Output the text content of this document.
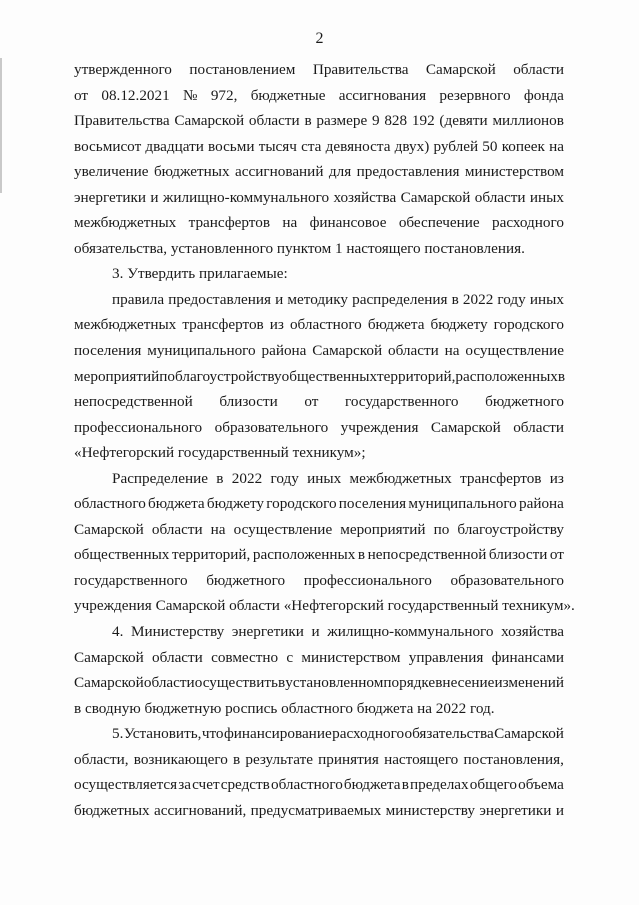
2
утвержденного постановлением Правительства Самарской области
от 08.12.2021 № 972, бюджетные ассигнования резервного фонда
Правительства Самарской области в размере 9 828 192 (девяти миллионов
восьмисот двадцати восьми тысяч ста девяноста двух) рублей 50 копеек на
увеличение бюджетных ассигнований для предоставления министерством
энергетики и жилищно-коммунального хозяйства Самарской области иных
межбюджетных трансфертов на финансовое обеспечение расходного
обязательства, установленного пунктом 1 настоящего постановления.
3. Утвердить прилагаемые:
правила предоставления и методику распределения в 2022 году иных
межбюджетных трансфертов из областного бюджета бюджету городского
поселения муниципального района Самарской области на осуществление
мероприятий по благоустройству общественных территорий, расположенных в
непосредственной близости от государственного бюджетного
профессионального образовательного учреждения Самарской области
«Нефтегорский государственный техникум»;
Распределение в 2022 году иных межбюджетных трансфертов из
областного бюджета бюджету городского поселения муниципального района
Самарской области на осуществление мероприятий по благоустройству
общественных территорий, расположенных в непосредственной близости от
государственного бюджетного профессионального образовательного
учреждения Самарской области «Нефтегорский государственный техникум».
4. Министерству энергетики и жилищно-коммунального хозяйства
Самарской области совместно с министерством управления финансами
Самарской области осуществить в установленном порядке внесение изменений
в сводную бюджетную роспись областного бюджета на 2022 год.
5. Установить, что финансирование расходного обязательства Самарской
области, возникающего в результате принятия настоящего постановления,
осуществляется за счет средств областного бюджета в пределах общего объема
бюджетных ассигнований, предусматриваемых министерству энергетики и
